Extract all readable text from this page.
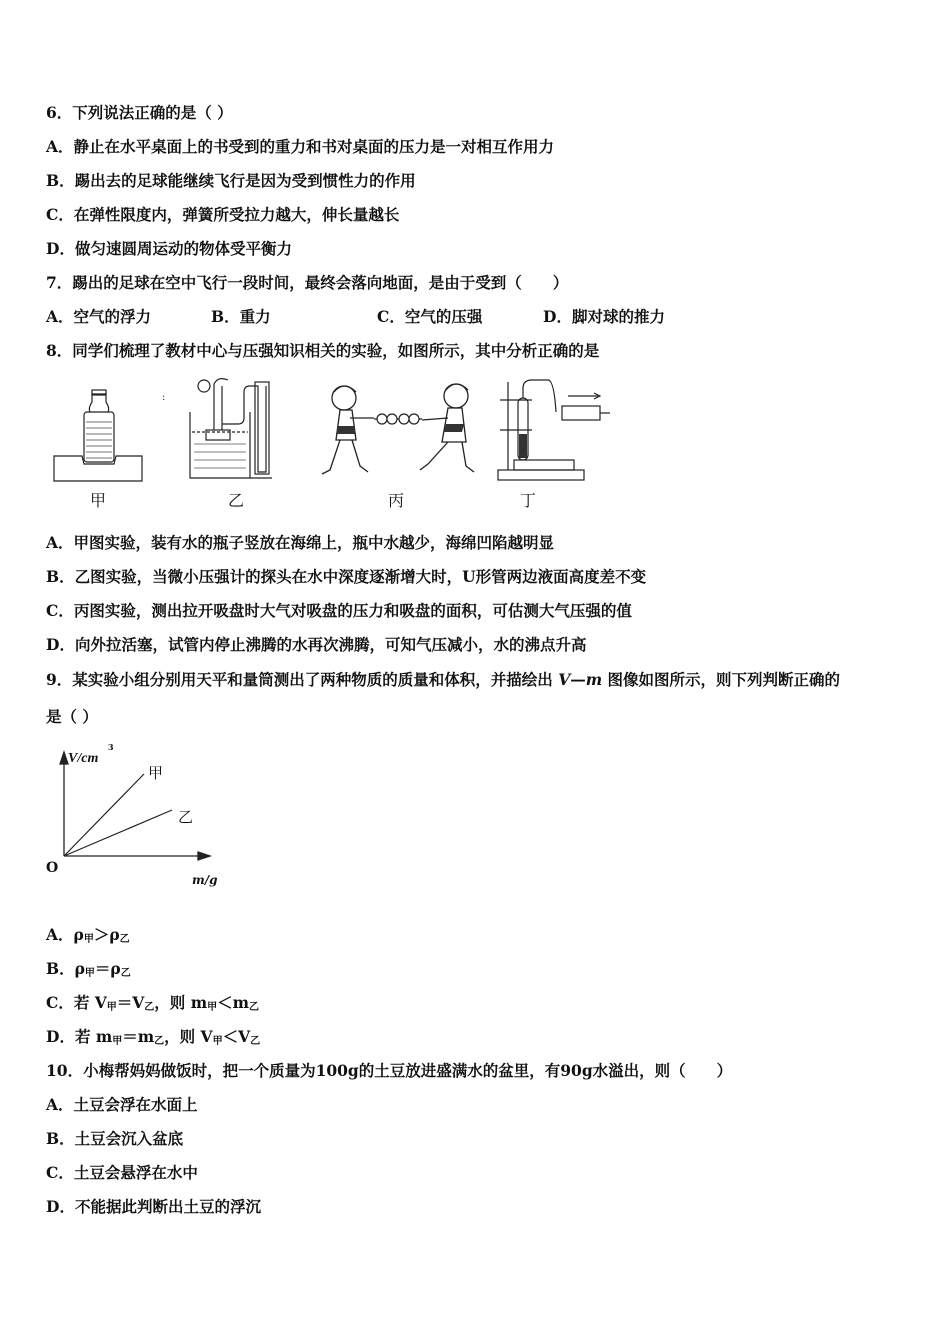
6．下列说法正确的是（ ）
A．静止在水平桌面上的书受到的重力和书对桌面的压力是一对相互作用力
B．踢出去的足球能继续飞行是因为受到惯性力的作用
C．在弹性限度内，弹簧所受拉力越大，伸长量越长
D．做匀速圆周运动的物体受平衡力
7．踢出的足球在空中飞行一段时间，最终会落向地面，是由于受到（　　）
A．空气的浮力	B．重力	C．空气的压强	D．脚对球的推力
8．同学们梳理了教材中心与压强知识相关的实验，如图所示，其中分析正确的是
甲
:
乙	丙	丁
A．甲图实验，装有水的瓶子竖放在海绵上，瓶中水越少，海绵凹陷越明显
B．乙图实验，当微小压强计的探头在水中深度逐渐增大时，U形管两边液面高度差不变
C．丙图实验，测出拉开吸盘时大气对吸盘的压力和吸盘的面积，可估测大气压强的值
D．向外拉活塞，试管内停止沸腾的水再次沸腾，可知气压减小，水的沸点升高
9．某实验小组分别用天平和量筒测出了两种物质的质量和体积，并描绘出 V—m 图像如图所示，则下列判断正确的
是（ ）
V/cm
3
甲
乙
O
m/g
A．$\rho_甲>\rho_乙$
B．$\rho_甲=\rho_乙$
C．若 $V_甲=V_乙$，则 $m_甲<m_乙$
D．若 $m_甲=m_乙$，则 $V_甲<V_乙$
10．小梅帮妈妈做饭时，把一个质量为100g的土豆放进盛满水的盆里，有90g水溢出，则（　　）
A．土豆会浮在水面上
B．土豆会沉入盆底
C．土豆会悬浮在水中
D．不能据此判断出土豆的浮沉
